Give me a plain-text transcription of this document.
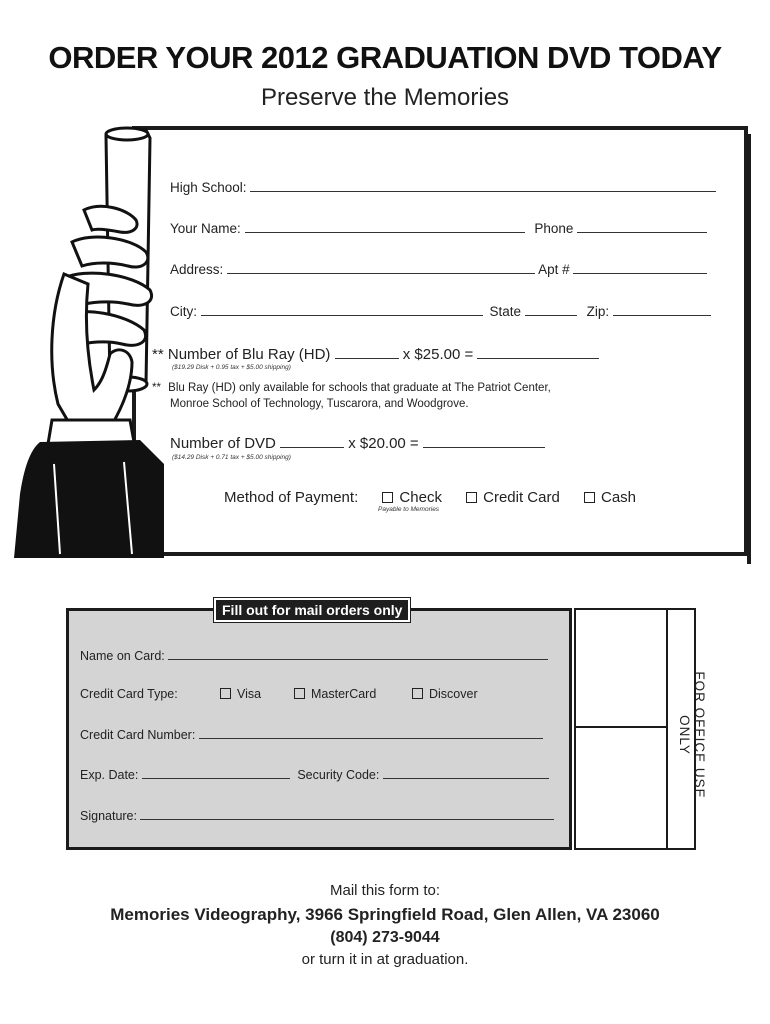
ORDER YOUR 2012 GRADUATION DVD TODAY
Preserve the Memories
High School:
Your Name:	Phone
Address:	Apt #
City:	State	Zip:
** Number of Blu Ray (HD)	x $25.00 =
($19.29 Disk + 0.95 tax + $5.00 shipping)
** Blu Ray (HD) only available for schools that graduate at The Patriot Center,
Monroe School of Technology, Tuscarora, and Woodgrove.
Number of DVD	x $20.00 =
($14.29 Disk + 0.71 tax + $5.00 shipping)
Method of Payment:	Check	Credit Card	Cash
Payable to Memories
Fill out for mail orders only
Name on Card:
Credit Card Type:	Visa	MasterCard	Discover
Credit Card Number:
Exp. Date:	Security Code:
Signature:
FOR OFFICE USE ONLY
Mail this form to:
Memories Videography, 3966 Springfield Road, Glen Allen, VA 23060
(804) 273-9044
or turn it in at graduation.
